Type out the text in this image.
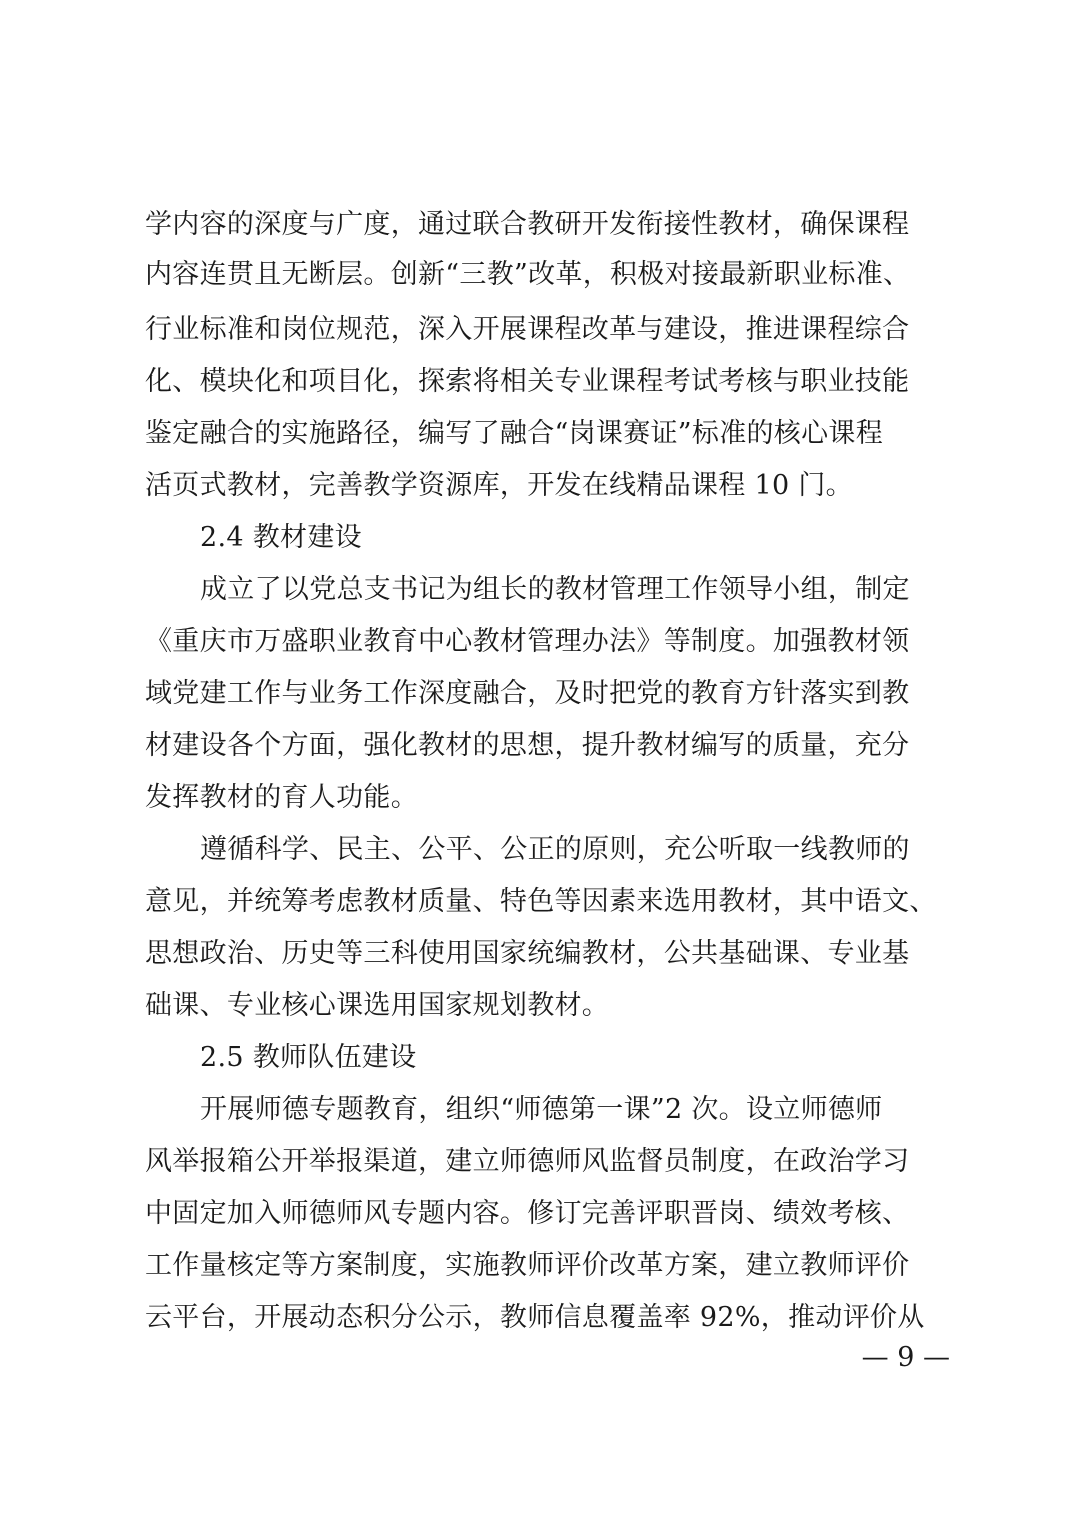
学内容的深度与广度，通过联合教研开发衔接性教材，确保课程
内容连贯且无断层。创新“三教”改革，积极对接最新职业标准、
行业标准和岗位规范，深入开展课程改革与建设，推进课程综合
化、模块化和项目化，探索将相关专业课程考试考核与职业技能
鉴定融合的实施路径，编写了融合“岗课赛证”标准的核心课程
活页式教材，完善教学资源库，开发在线精品课程 10 门。
2.4 教材建设
成立了以党总支书记为组长的教材管理工作领导小组，制定
《重庆市万盛职业教育中心教材管理办法》等制度。加强教材领
域党建工作与业务工作深度融合，及时把党的教育方针落实到教
材建设各个方面，强化教材的思想，提升教材编写的质量，充分
发挥教材的育人功能。
遵循科学、民主、公平、公正的原则，充公听取一线教师的
意见，并统筹考虑教材质量、特色等因素来选用教材，其中语文、
思想政治、历史等三科使用国家统编教材，公共基础课、专业基
础课、专业核心课选用国家规划教材。
2.5 教师队伍建设
开展师德专题教育，组织“师德第一课”2 次。设立师德师
风举报箱公开举报渠道，建立师德师风监督员制度，在政治学习
中固定加入师德师风专题内容。修订完善评职晋岗、绩效考核、
工作量核定等方案制度，实施教师评价改革方案，建立教师评价
云平台，开展动态积分公示，教师信息覆盖率 92%，推动评价从
— 9 —
